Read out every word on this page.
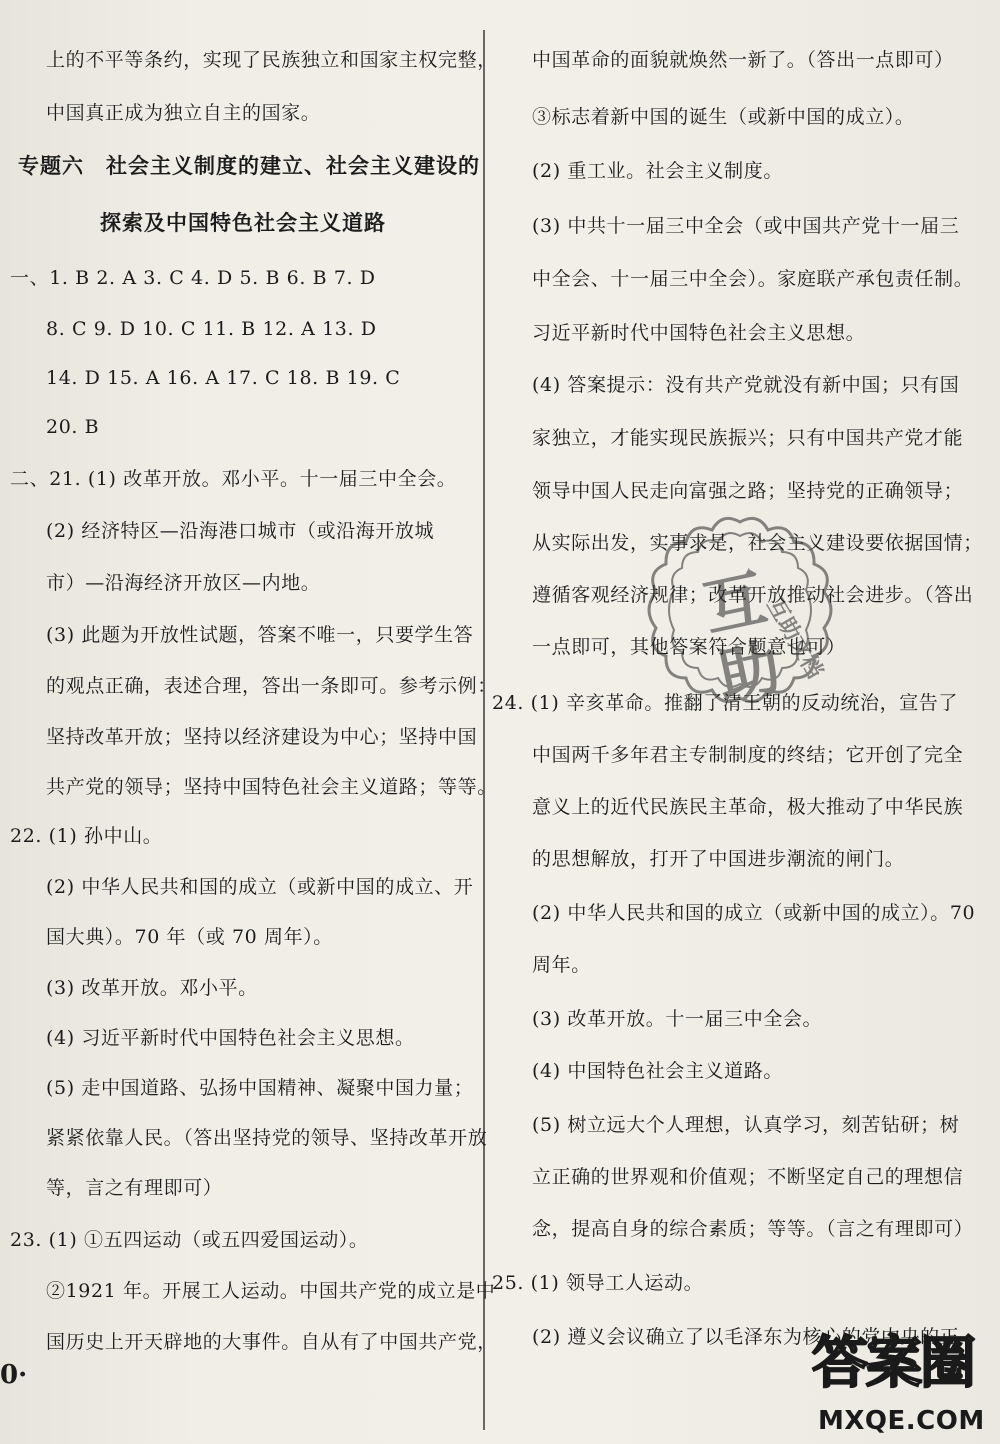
上的不平等条约，实现了民族独立和国家主权完整，
中国真正成为独立自主的国家。
专题六　社会主义制度的建立、社会主义建设的
探索及中国特色社会主义道路
一、1. B 2. A 3. C 4. D 5. B 6. B 7. D
8. C 9. D 10. C 11. B 12. A 13. D
14. D 15. A 16. A 17. C 18. B 19. C
20. B
二、21. (1) 改革开放。邓小平。十一届三中全会。
(2) 经济特区—沿海港口城市（或沿海开放城
市）—沿海经济开放区—内地。
(3) 此题为开放性试题，答案不唯一，只要学生答
的观点正确，表述合理，答出一条即可。参考示例：
坚持改革开放；坚持以经济建设为中心；坚持中国
共产党的领导；坚持中国特色社会主义道路；等等。
22. (1) 孙中山。
(2) 中华人民共和国的成立（或新中国的成立、开
国大典）。70 年（或 70 周年）。
(3) 改革开放。邓小平。
(4) 习近平新时代中国特色社会主义思想。
(5) 走中国道路、弘扬中国精神、凝聚中国力量；
紧紧依靠人民。（答出坚持党的领导、坚持改革开放
等，言之有理即可）
23. (1) ①五四运动（或五四爱国运动）。
②1921 年。开展工人运动。中国共产党的成立是中
国历史上开天辟地的大事件。自从有了中国共产党，
中国革命的面貌就焕然一新了。（答出一点即可）
③标志着新中国的诞生（或新中国的成立）。
(2) 重工业。社会主义制度。
(3) 中共十一届三中全会（或中国共产党十一届三
中全会、十一届三中全会）。家庭联产承包责任制。
习近平新时代中国特色社会主义思想。
(4) 答案提示：没有共产党就没有新中国；只有国
家独立，才能实现民族振兴；只有中国共产党才能
领导中国人民走向富强之路；坚持党的正确领导；
从实际出发，实事求是，社会主义建设要依据国情；
遵循客观经济规律；改革开放推动社会进步。（答出
一点即可，其他答案符合题意也可）
24. (1) 辛亥革命。推翻了清王朝的反动统治，宣告了
中国两千多年君主专制制度的终结；它开创了完全
意义上的近代民族民主革命，极大推动了中华民族
的思想解放，打开了中国进步潮流的闸门。
(2) 中华人民共和国的成立（或新中国的成立）。70
周年。
(3) 改革开放。十一届三中全会。
(4) 中国特色社会主义道路。
(5) 树立远大个人理想，认真学习，刻苦钻研；树
立正确的世界观和价值观；不断坚定自己的理想信
念，提高自身的综合素质；等等。（言之有理即可）
25. (1) 领导工人运动。
(2) 遵义会议确立了以毛泽东为核心的党中央的正
0·
互助
互助文档
答案圈
MXQE.COM
